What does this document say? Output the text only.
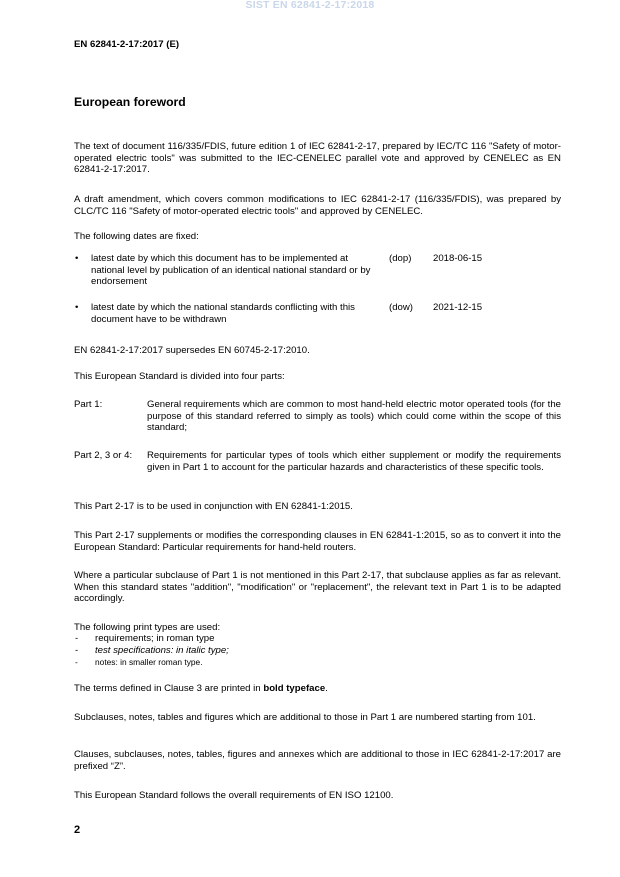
SIST EN 62841-2-17:2018
EN 62841-2-17:2017 (E)
European foreword
The text of document 116/335/FDIS, future edition 1 of IEC 62841-2-17, prepared by IEC/TC 116 "Safety of motor-operated electric tools" was submitted to the IEC-CENELEC parallel vote and approved by CENELEC as EN 62841-2-17:2017.
A draft amendment, which covers common modifications to IEC 62841-2-17 (116/335/FDIS), was prepared by CLC/TC 116 "Safety of motor-operated electric tools" and approved by CENELEC.
The following dates are fixed:
• latest date by which this document has to be implemented at national level by publication of an identical national standard or by endorsement
(dop) 2018-06-15
• latest date by which the national standards conflicting with this document have to be withdrawn
(dow) 2021-12-15
EN 62841-2-17:2017 supersedes EN 60745-2-17:2010.
This European Standard is divided into four parts:
Part 1:	General requirements which are common to most hand-held electric motor operated tools (for the purpose of this standard referred to simply as tools) which could come within the scope of this standard;
Part 2, 3 or 4: Requirements for particular types of tools which either supplement or modify the requirements given in Part 1 to account for the particular hazards and characteristics of these specific tools.
This Part 2-17 is to be used in conjunction with EN 62841-1:2015.
This Part 2-17 supplements or modifies the corresponding clauses in EN 62841-1:2015, so as to convert it into the European Standard: Particular requirements for hand-held routers.
Where a particular subclause of Part 1 is not mentioned in this Part 2-17, that subclause applies as far as relevant. When this standard states "addition", "modification" or "replacement", the relevant text in Part 1 is to be adapted accordingly.
The following print types are used:
- requirements; in roman type
- test specifications: in italic type;
- notes: in smaller roman type.
The terms defined in Clause 3 are printed in bold typeface.
Subclauses, notes, tables and figures which are additional to those in Part 1 are numbered starting from 101.
Clauses, subclauses, notes, tables, figures and annexes which are additional to those in IEC 62841-2-17:2017 are prefixed “Z”.
This European Standard follows the overall requirements of EN ISO 12100.
2
